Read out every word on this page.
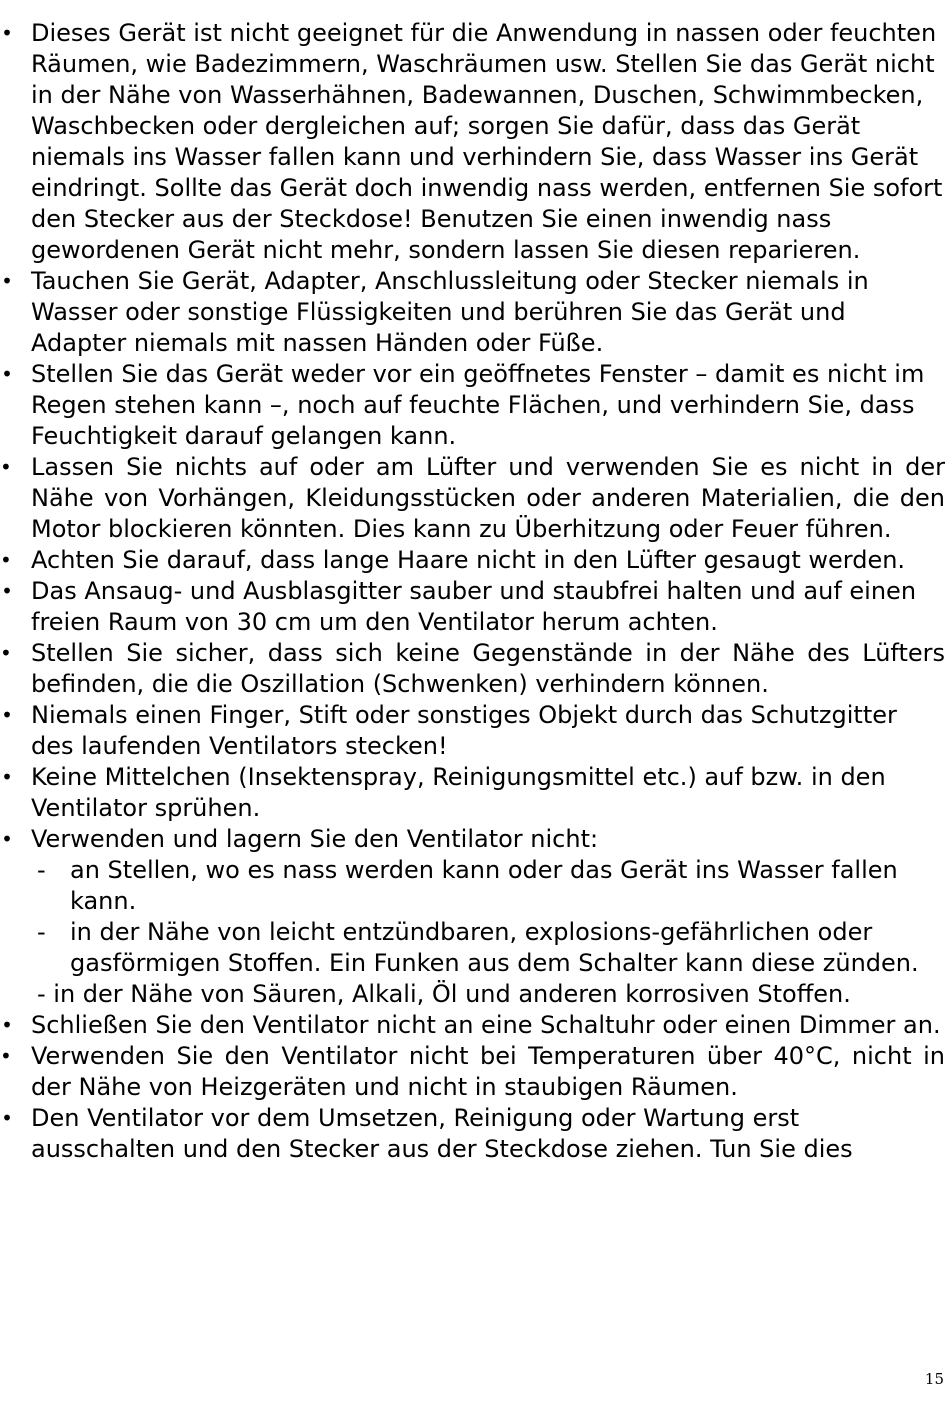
• Dieses Gerät ist nicht geeignet für die Anwendung in nassen oder feuchten Räumen, wie Badezimmern, Waschräumen usw. Stellen Sie das Gerät nicht in der Nähe von Wasserhähnen, Badewannen, Duschen, Schwimmbecken, Waschbecken oder dergleichen auf; sorgen Sie dafür, dass das Gerät niemals ins Wasser fallen kann und verhindern Sie, dass Wasser ins Gerät eindringt. Sollte das Gerät doch inwendig nass werden, entfernen Sie sofort den Stecker aus der Steckdose! Benutzen Sie einen inwendig nass gewordenen Gerät nicht mehr, sondern lassen Sie diesen reparieren.
• Tauchen Sie Gerät, Adapter, Anschlussleitung oder Stecker niemals in Wasser oder sonstige Flüssigkeiten und berühren Sie das Gerät und Adapter niemals mit nassen Händen oder Füße.
• Stellen Sie das Gerät weder vor ein geöffnetes Fenster – damit es nicht im Regen stehen kann –, noch auf feuchte Flächen, und verhindern Sie, dass Feuchtigkeit darauf gelangen kann.
• Lassen Sie nichts auf oder am Lüfter und verwenden Sie es nicht in der Nähe von Vorhängen, Kleidungsstücken oder anderen Materialien, die den Motor blockieren könnten. Dies kann zu Überhitzung oder Feuer führen.
• Achten Sie darauf, dass lange Haare nicht in den Lüfter gesaugt werden.
• Das Ansaug- und Ausblasgitter sauber und staubfrei halten und auf einen freien Raum von 30 cm um den Ventilator herum achten.
• Stellen Sie sicher, dass sich keine Gegenstände in der Nähe des Lüfters befinden, die die Oszillation (Schwenken) verhindern können.
• Niemals einen Finger, Stift oder sonstiges Objekt durch das Schutzgitter des laufenden Ventilators stecken!
• Keine Mittelchen (Insektenspray, Reinigungsmittel etc.) auf bzw. in den Ventilator sprühen.
• Verwenden und lagern Sie den Ventilator nicht:
- an Stellen, wo es nass werden kann oder das Gerät ins Wasser fallen kann.
- in der Nähe von leicht entzündbaren, explosions-gefährlichen oder gasförmigen Stoffen. Ein Funken aus dem Schalter kann diese zünden.
- in der Nähe von Säuren, Alkali, Öl und anderen korrosiven Stoffen.
• Schließen Sie den Ventilator nicht an eine Schaltuhr oder einen Dimmer an.
• Verwenden Sie den Ventilator nicht bei Temperaturen über 40°C, nicht in der Nähe von Heizgeräten und nicht in staubigen Räumen.
• Den Ventilator vor dem Umsetzen, Reinigung oder Wartung erst ausschalten und den Stecker aus der Steckdose ziehen. Tun Sie dies
15
